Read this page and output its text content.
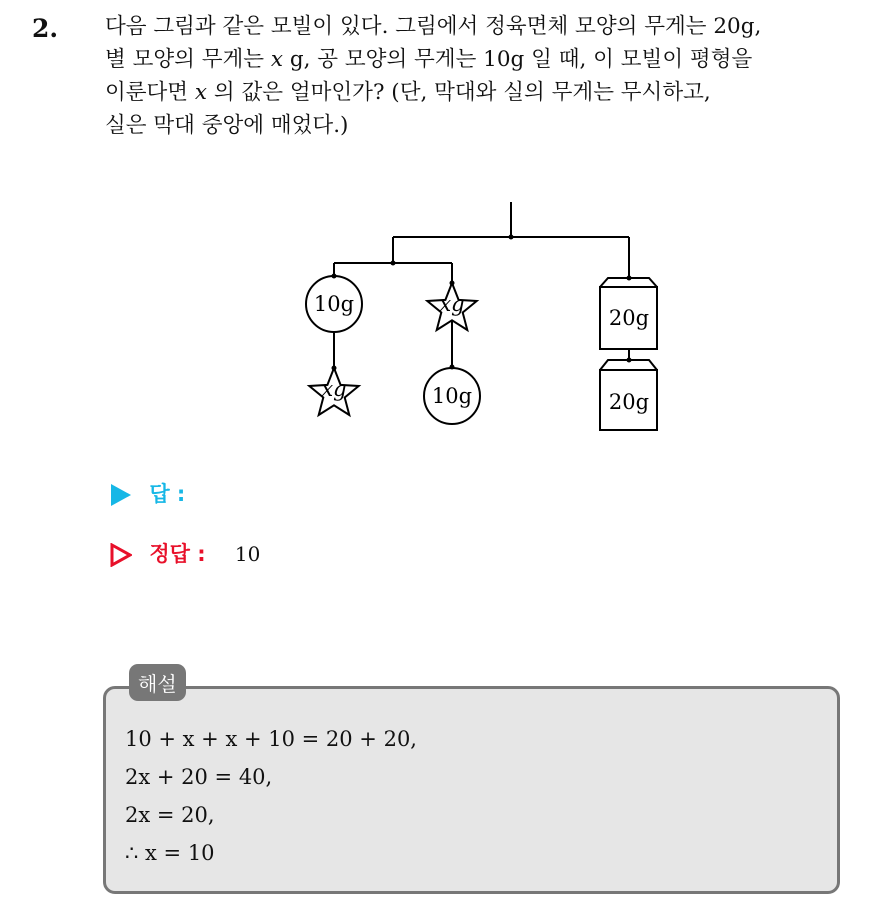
2. 다음 그림과 같은 모빌이 있다. 그림에서 정육면체 모양의 무게는 20g,
별 모양의 무게는 x g, 공 모양의 무게는 10g 일 때, 이 모빌이 평형을
이룬다면 x 의 값은 얼마인가? (단, 막대와 실의 무게는 무시하고,
실은 막대 중앙에 매었다.)
10g	xg
20g
xg	10g	20g
답 :
정답 : 10
해설
10 + x + x + 10 = 20 + 20,
2x + 20 = 40,
2x = 20,
∴ x = 10
